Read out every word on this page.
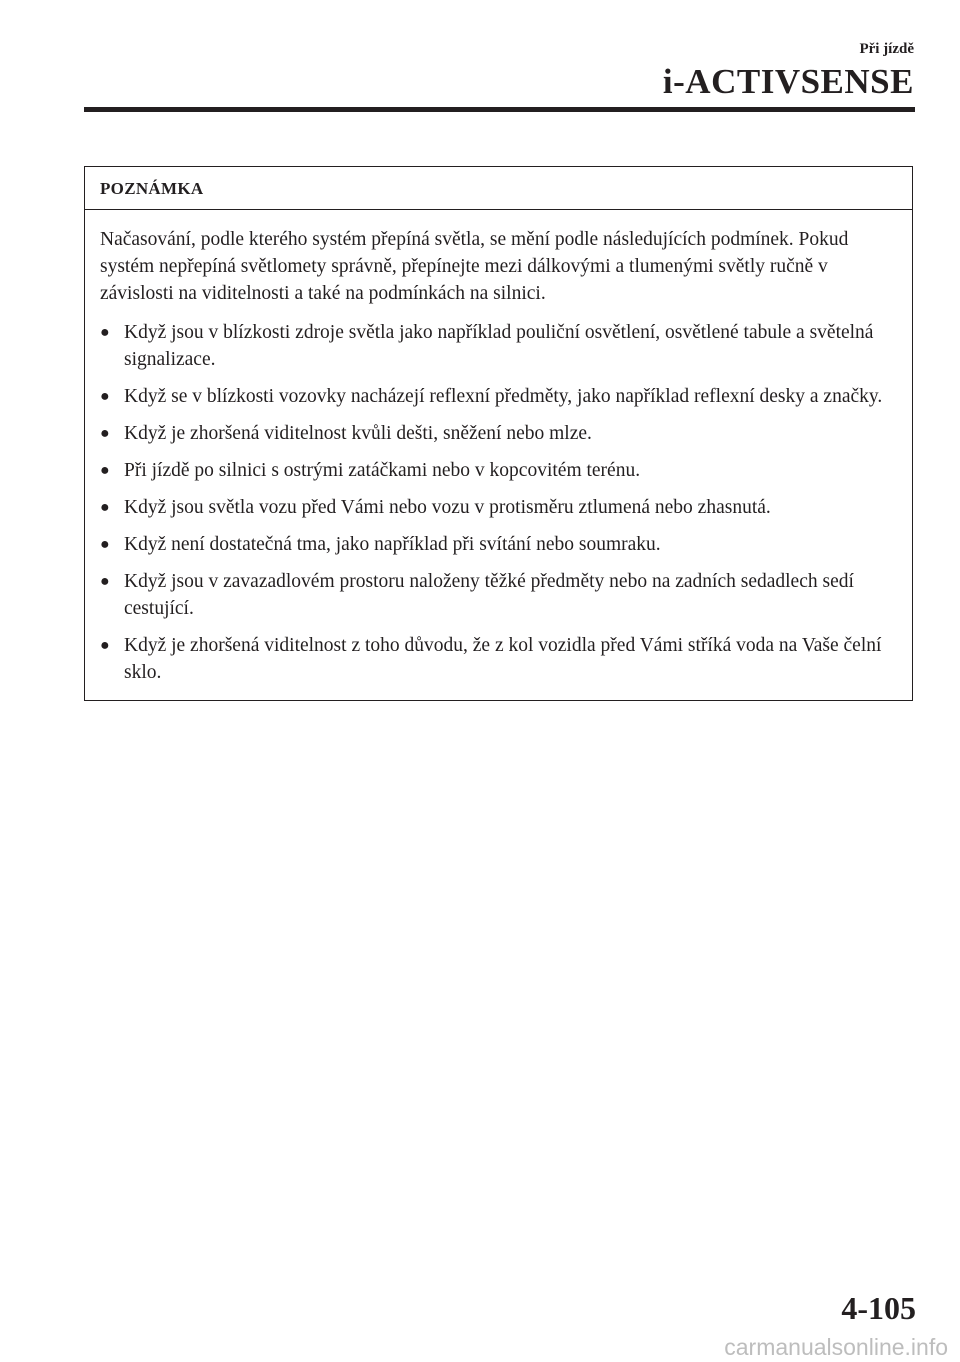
Při jízdě
i-ACTIVSENSE
POZNÁMKA

Načasování, podle kterého systém přepíná světla, se mění podle následujících podmínek. Pokud systém nepřepíná světlomety správně, přepínejte mezi dálkovými a tlumenými světly ručně v závislosti na viditelnosti a také na podmínkách na silnici.

● Když jsou v blízkosti zdroje světla jako například pouliční osvětlení, osvětlené tabule a světelná signalizace.
● Když se v blízkosti vozovky nacházejí reflexní předměty, jako například reflexní desky a značky.
● Když je zhoršená viditelnost kvůli dešti, sněžení nebo mlze.
● Při jízdě po silnici s ostrými zatáčkami nebo v kopcovitém terénu.
● Když jsou světla vozu před Vámi nebo vozu v protisměru ztlumená nebo zhasnutá.
● Když není dostatečná tma, jako například při svítání nebo soumraku.
● Když jsou v zavazadlovém prostoru naloženy těžké předměty nebo na zadních sedadlech sedí cestující.
● Když je zhoršená viditelnost z toho důvodu, že z kol vozidla před Vámi stříká voda na Vaše čelní sklo.
4-105
carmanualsonline.info
